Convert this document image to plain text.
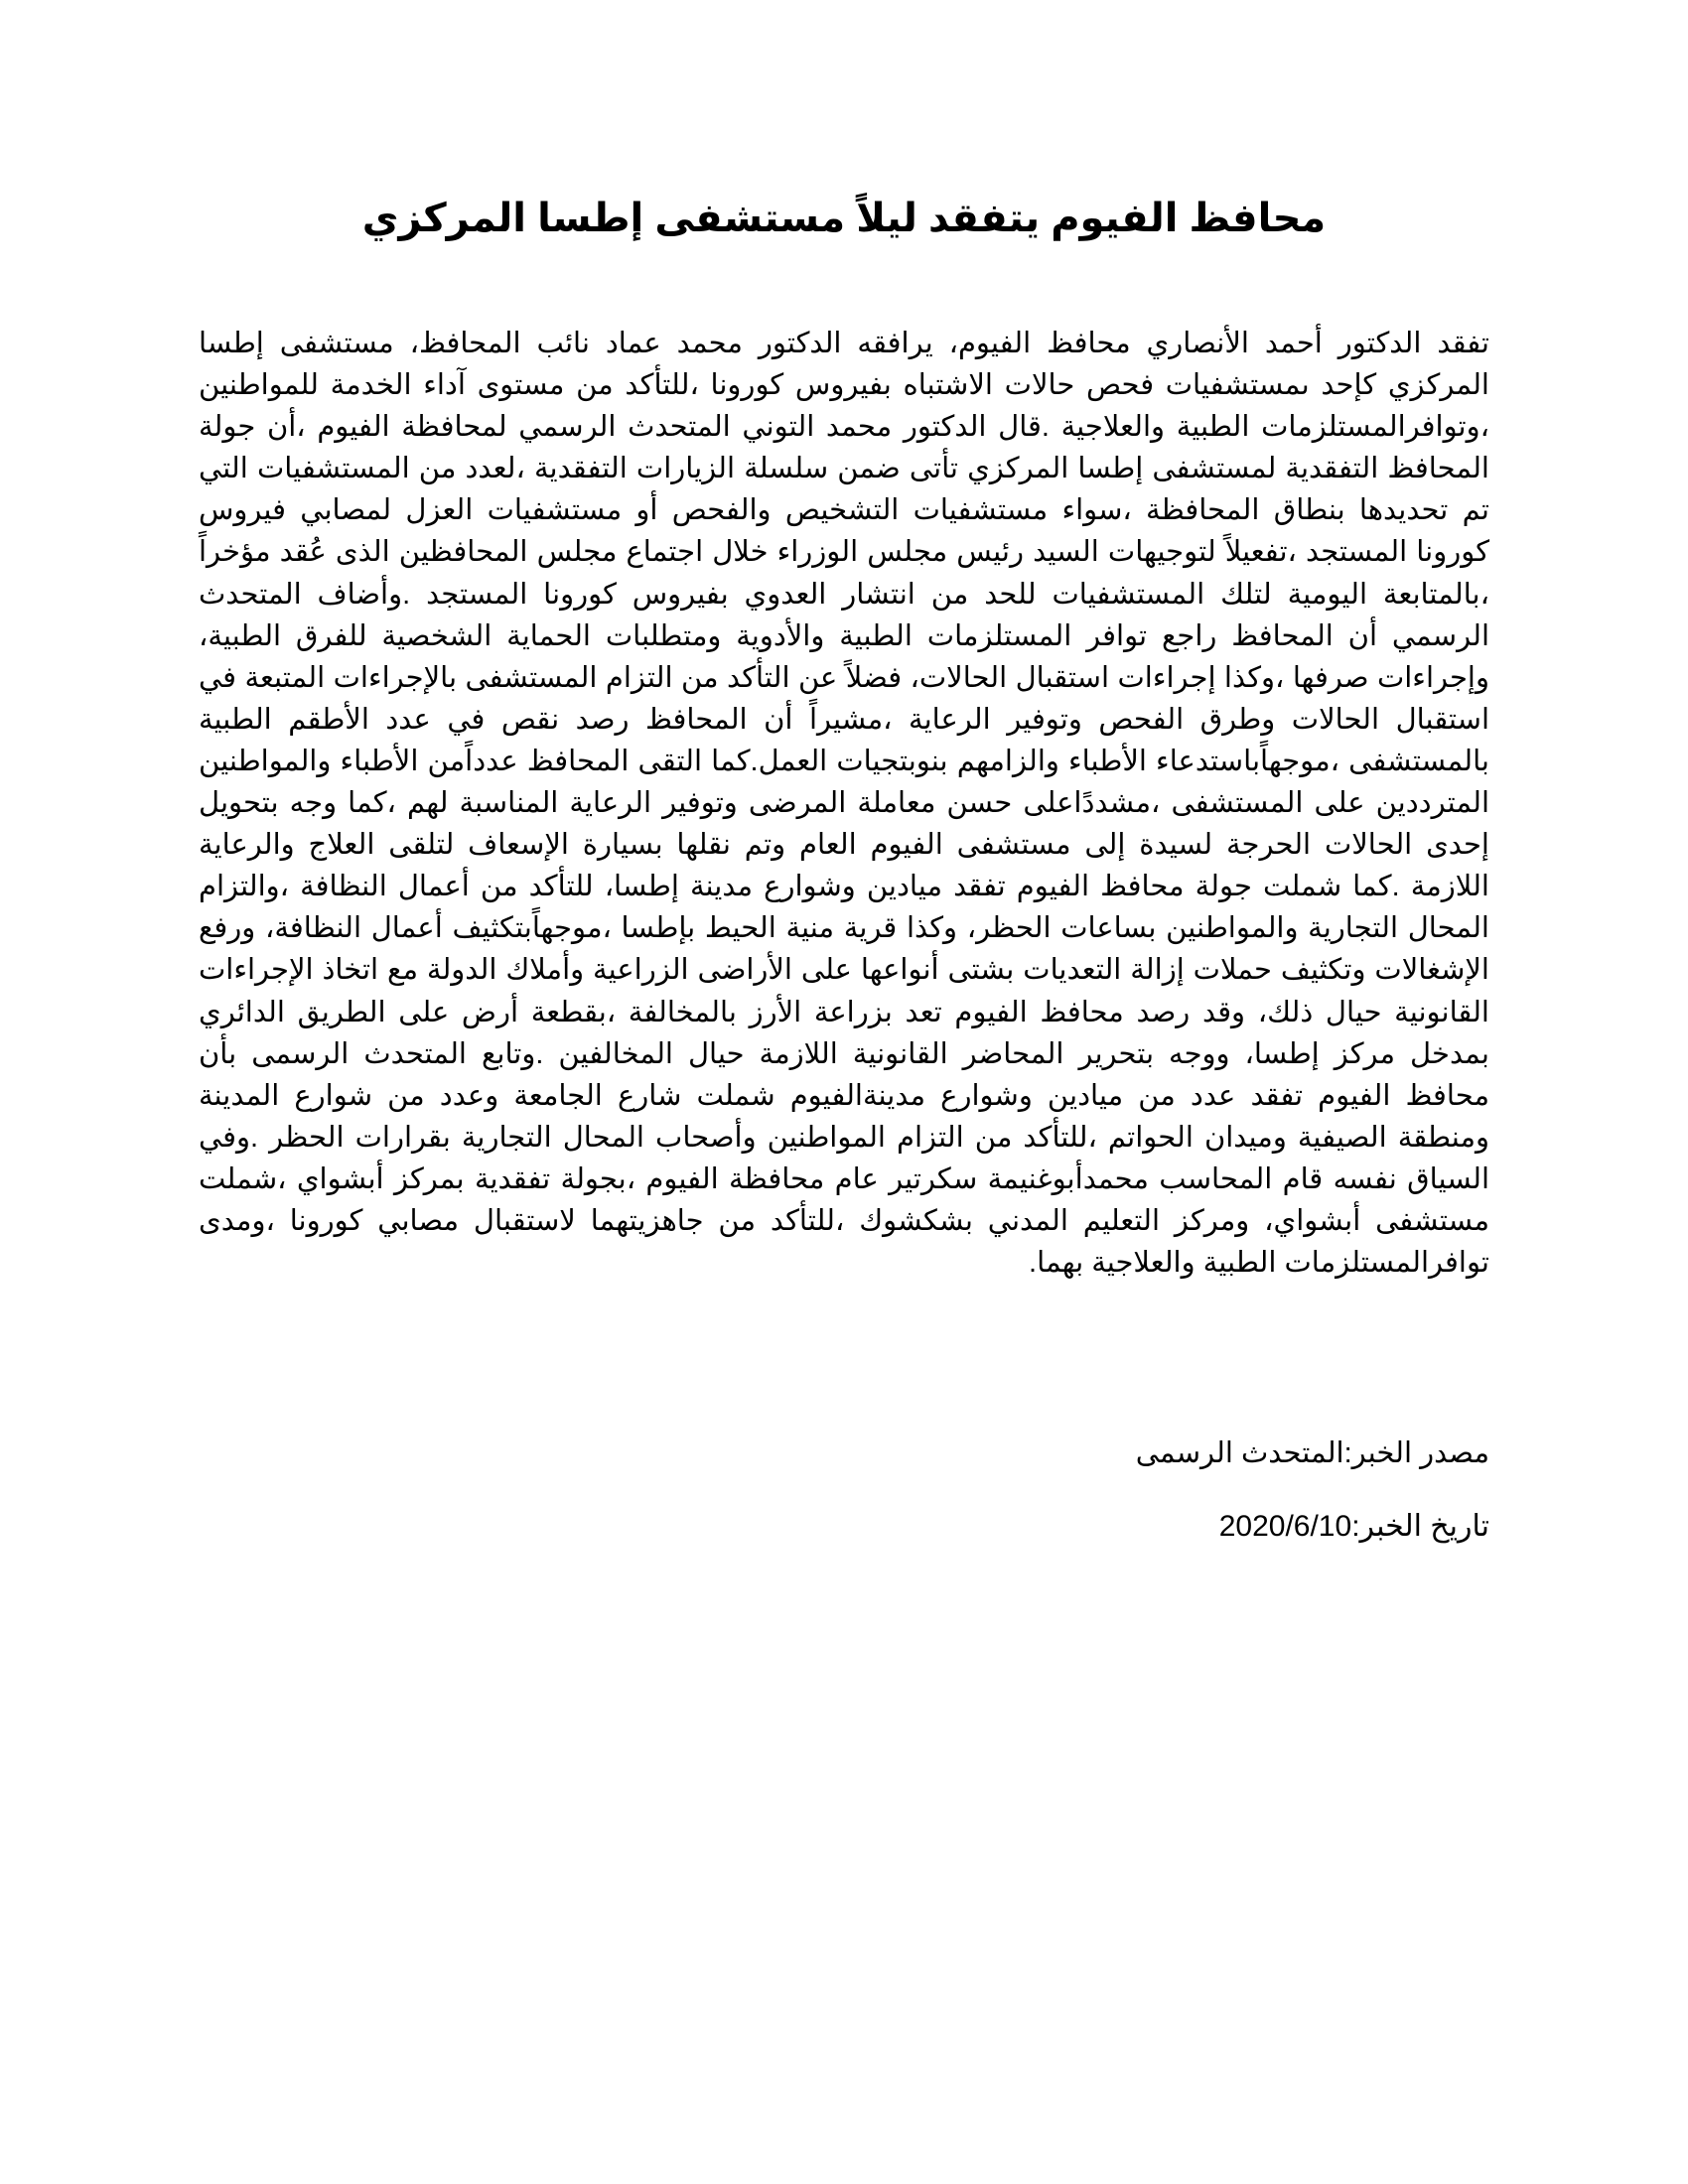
محافظ الفيوم يتفقد ليلاً مستشفى إطسا المركزي

تفقد الدكتور أحمد الأنصاري محافظ الفيوم، يرافقه الدكتور محمد عماد نائب المحافظ، مستشفى إطسا المركزي كإحد ىمستشفيات فحص حالات الاشتباه بفيروس كورونا ،للتأكد من مستوى آداء الخدمة للمواطنين ،وتوافرالمستلزمات الطبية والعلاجية .قال الدكتور محمد التوني المتحدث الرسمي لمحافظة الفيوم ،أن جولة المحافظ التفقدية لمستشفى إطسا المركزي تأتى ضمن سلسلة الزيارات التفقدية ،لعدد من المستشفيات التي تم تحديدها بنطاق المحافظة ،سواء مستشفيات التشخيص والفحص أو مستشفيات العزل لمصابي فيروس كورونا المستجد ،تفعيلاً لتوجيهات السيد رئيس مجلس الوزراء خلال اجتماع مجلس المحافظين الذى عُقد مؤخراً ،بالمتابعة اليومية لتلك المستشفيات للحد من انتشار العدوي بفيروس كورونا المستجد .وأضاف المتحدث الرسمي أن المحافظ راجع توافر المستلزمات الطبية والأدوية ومتطلبات الحماية الشخصية للفرق الطبية، وإجراءات صرفها ،وكذا إجراءات استقبال الحالات، فضلاً عن التأكد من التزام المستشفى بالإجراءات المتبعة في استقبال الحالات وطرق الفحص وتوفير الرعاية ،مشيراً أن المحافظ رصد نقص في عدد الأطقم الطبية بالمستشفى ،موجهاًباستدعاء الأطباء والزامهم بنوبتجيات العمل.كما التقى المحافظ عدداًمن الأطباء والمواطنين المترددين على المستشفى ،مشددًاعلى حسن معاملة المرضى وتوفير الرعاية المناسبة لهم ،كما وجه بتحويل إحدى الحالات الحرجة لسيدة إلى مستشفى الفيوم العام وتم نقلها بسيارة الإسعاف لتلقى العلاج والرعاية اللازمة .كما شملت جولة محافظ الفيوم تفقد ميادين وشوارع مدينة إطسا، للتأكد من أعمال النظافة ،والتزام المحال التجارية والمواطنين بساعات الحظر، وكذا قرية منية الحيط بإطسا ،موجهاًبتكثيف أعمال النظافة، ورفع الإشغالات وتكثيف حملات إزالة التعديات بشتى أنواعها على الأراضى الزراعية وأملاك الدولة مع اتخاذ الإجراءات القانونية حيال ذلك، وقد رصد محافظ الفيوم تعد بزراعة الأرز بالمخالفة ،بقطعة أرض على الطريق الدائري بمدخل مركز إطسا، ووجه بتحرير المحاضر القانونية اللازمة حيال المخالفين .وتابع المتحدث الرسمى بأن محافظ الفيوم تفقد عدد من ميادين وشوارع مدينةالفيوم شملت شارع الجامعة وعدد من شوارع المدينة ومنطقة الصيفية وميدان الحواتم ،للتأكد من التزام المواطنين وأصحاب المحال التجارية بقرارات الحظر .وفي السياق نفسه قام المحاسب محمدأبوغنيمة سكرتير عام محافظة الفيوم ،بجولة تفقدية بمركز أبشواي ،شملت مستشفى أبشواي، ومركز التعليم المدني بشكشوك ،للتأكد من جاهزيتهما لاستقبال مصابي كورونا ،ومدى توافرالمستلزمات الطبية والعلاجية بهما.

مصدر الخبر:المتحدث الرسمى

تاريخ الخبر:2020/6/10
